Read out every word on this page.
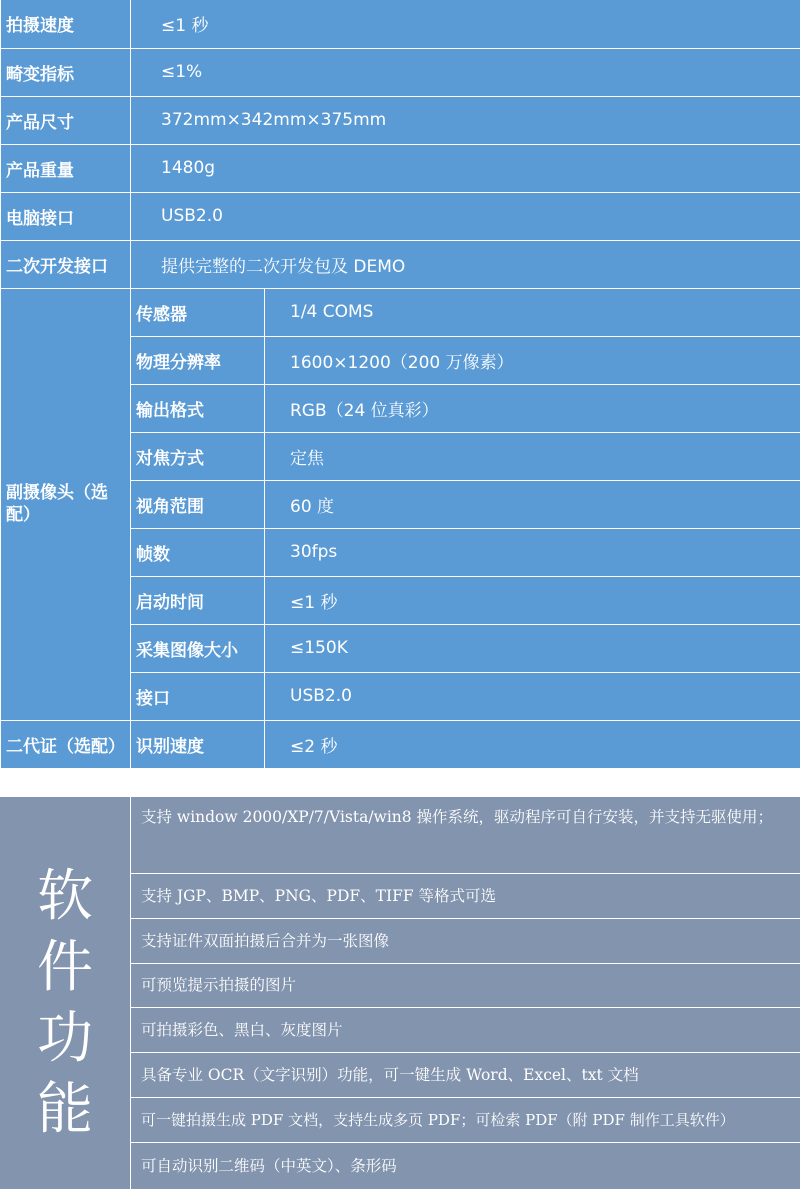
拍摄速度	≤1 秒	
畸变指标	≤1%	
产品尺寸	372mm×342mm×375mm	
产品重量	1480g	
电脑接口	USB2.0	
二次开发接口	提供完整的二次开发包及 DEMO	
副摄像头（选配）	传感器	1/4 COMS
	物理分辨率	1600×1200（200 万像素）
	输出格式	RGB（24 位真彩）
	对焦方式	定焦
	视角范围	60 度
	帧数	30fps
	启动时间	≤1 秒
	采集图像大小	≤150K
	接口	USB2.0
二代证（选配）	识别速度	≤2 秒
软
件
功
能
支持 window 2000/XP/7/Vista/win8 操作系统，驱动程序可自行安装，并支持无驱使用；
支持 JGP、BMP、PNG、PDF、TIFF 等格式可选
支持证件双面拍摄后合并为一张图像
可预览提示拍摄的图片
可拍摄彩色、黑白、灰度图片
具备专业 OCR（文字识别）功能，可一键生成 Word、Excel、txt 文档
可一键拍摄生成 PDF 文档，支持生成多页 PDF；可检索 PDF（附 PDF 制作工具软件）
可自动识别二维码（中英文）、条形码
